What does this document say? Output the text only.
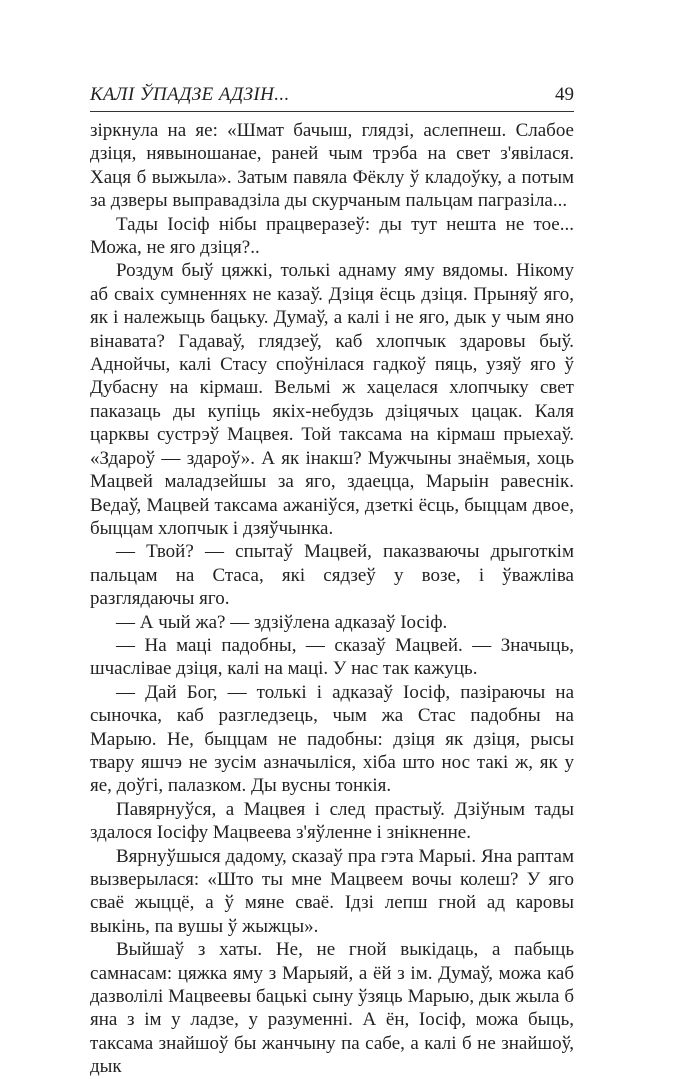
КАЛІ ЎПАДЗЕ АДЗІН...	49

зіркнула на яе: «Шмат бачыш, глядзі, аслепнеш. Слабое дзіця, нявыношанае, раней чым трэба на свет з'явілася. Хаця б выжыла». Затым павяла Фёклу ў кладоўку, а потым за дзверы выправадзіла ды скурчаным пальцам пагразіла...

Тады Іосіф нібы працверазеў: ды тут нешта не тое... Можа, не яго дзіця?..

Роздум быў цяжкі, толькі аднаму яму вядомы. Нікому аб сваіх сумненнях не казаў. Дзіця ёсць дзіця. Прыняў яго, як і належыць бацьку. Думаў, а калі і не яго, дык у чым яно вінавата? Гадаваў, глядзеў, каб хлопчык здаровы быў. Аднойчы, калі Стасу споўнілася гадкоў пяць, узяў яго ў Дубасну на кірмаш. Вельмі ж хацелася хлопчыку свет паказаць ды купіць якіх-небудзь дзіцячых цацак. Каля царквы сустрэў Мацвея. Той таксама на кірмаш прыехаў. «Здароў — здароў». А як інакш? Мужчыны знаёмыя, хоць Мацвей маладзейшы за яго, здаецца, Марыін равеснік. Ведаў, Мацвей таксама ажаніўся, дзеткі ёсць, быццам двое, быццам хлопчык і дзяўчынка.

— Твой? — спытаў Мацвей, паказваючы дрыготкім пальцам на Стаса, які сядзеў у возе, і ўважліва разглядаючы яго.

— А чый жа? — здзіўлена адказаў Іосіф.

— На маці падобны, — сказаў Мацвей. — Значыць, шчаслівае дзіця, калі на маці. У нас так кажуць.

— Дай Бог, — толькі і адказаў Іосіф, пазіраючы на сыночка, каб разгледзець, чым жа Стас падобны на Марыю. Не, быццам не падобны: дзіця як дзіця, рысы твару яшчэ не зусім азначыліся, хіба што нос такі ж, як у яе, доўгі, палазком. Ды вусны тонкія.

Павярнуўся, а Мацвея і след прастыў. Дзіўным тады здалося Іосіфу Мацвеева з'яўленне і знікненне.

Вярнуўшыся дадому, сказаў пра гэта Марыі. Яна раптам вызверылася: «Што ты мне Мацвеем вочы колеш? У яго сваё жыццё, а ў мяне сваё. Ідзі лепш гной ад каровы выкінь, па вушы ў жыжцы».

Выйшаў з хаты. Не, не гной выкідаць, а пабыць самнасам: цяжка яму з Марыяй, а ёй з ім. Думаў, можа каб дазволілі Мацвеевы бацькі сыну ўзяць Марыю, дык жыла б яна з ім у ладзе, у разуменні. А ён, Іосіф, можа быць, таксама знайшоў бы жанчыну па сабе, а калі б не знайшоў, дык
